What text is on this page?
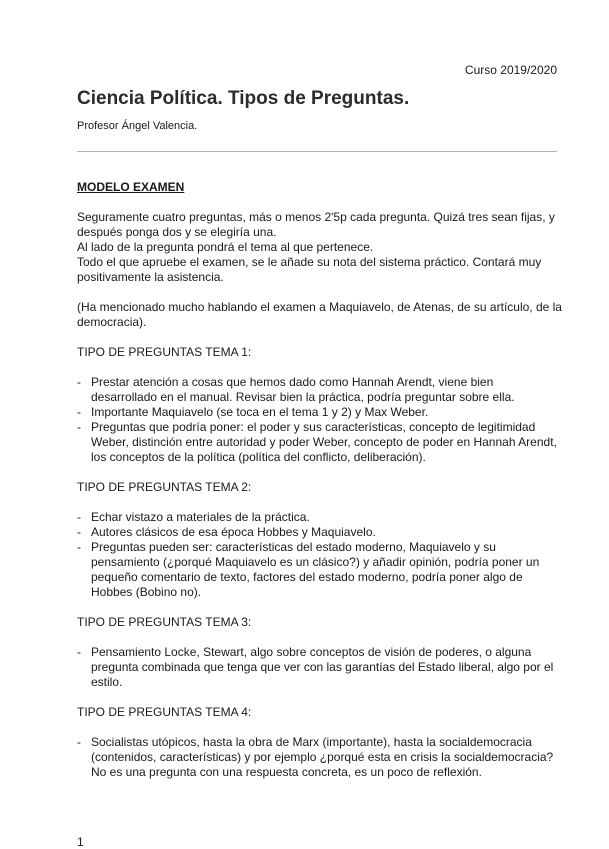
Curso 2019/2020
Ciencia Política. Tipos de Preguntas.
Profesor Ángel Valencia.

MODELO EXAMEN

Seguramente cuatro preguntas, más o menos 2'5p cada pregunta. Quizá tres sean fijas, y después ponga dos y se elegiría una.

Al lado de la pregunta pondrá el tema al que pertenece.

Todo el que apruebe el examen, se le añade su nota del sistema práctico. Contará muy positivamente la asistencia.

(Ha mencionado mucho hablando el examen a Maquiavelo, de Atenas, de su artículo, de la democracia).

TIPO DE PREGUNTAS TEMA 1:

- Prestar atención a cosas que hemos dado como Hannah Arendt, viene bien desarrollado en el manual. Revisar bien la práctica, podría preguntar sobre ella.
- Importante Maquiavelo (se toca en el tema 1 y 2) y Max Weber.
- Preguntas que podría poner: el poder y sus características, concepto de legitimidad Weber, distinción entre autoridad y poder Weber, concepto de poder en Hannah Arendt, los conceptos de la política (política del conflicto, deliberación).

TIPO DE PREGUNTAS TEMA 2:

- Echar vistazo a materiales de la práctica.
- Autores clásicos de esa época Hobbes y Maquiavelo.
- Preguntas pueden ser: características del estado moderno, Maquiavelo y su pensamiento (¿porqué Maquiavelo es un clásico?) y añadir opinión, podría poner un pequeño comentario de texto, factores del estado moderno, podría poner algo de Hobbes (Bobino no).

TIPO DE PREGUNTAS TEMA 3:

- Pensamiento Locke, Stewart, algo sobre conceptos de visión de poderes, o alguna pregunta combinada que tenga que ver con las garantías del Estado liberal, algo por el estilo.

TIPO DE PREGUNTAS TEMA 4:

- Socialistas utópicos, hasta la obra de Marx (importante), hasta la socialdemocracia (contenidos, características) y por ejemplo ¿porqué esta en crisis la socialdemocracia? No es una pregunta con una respuesta concreta, es un poco de reflexión.
1
